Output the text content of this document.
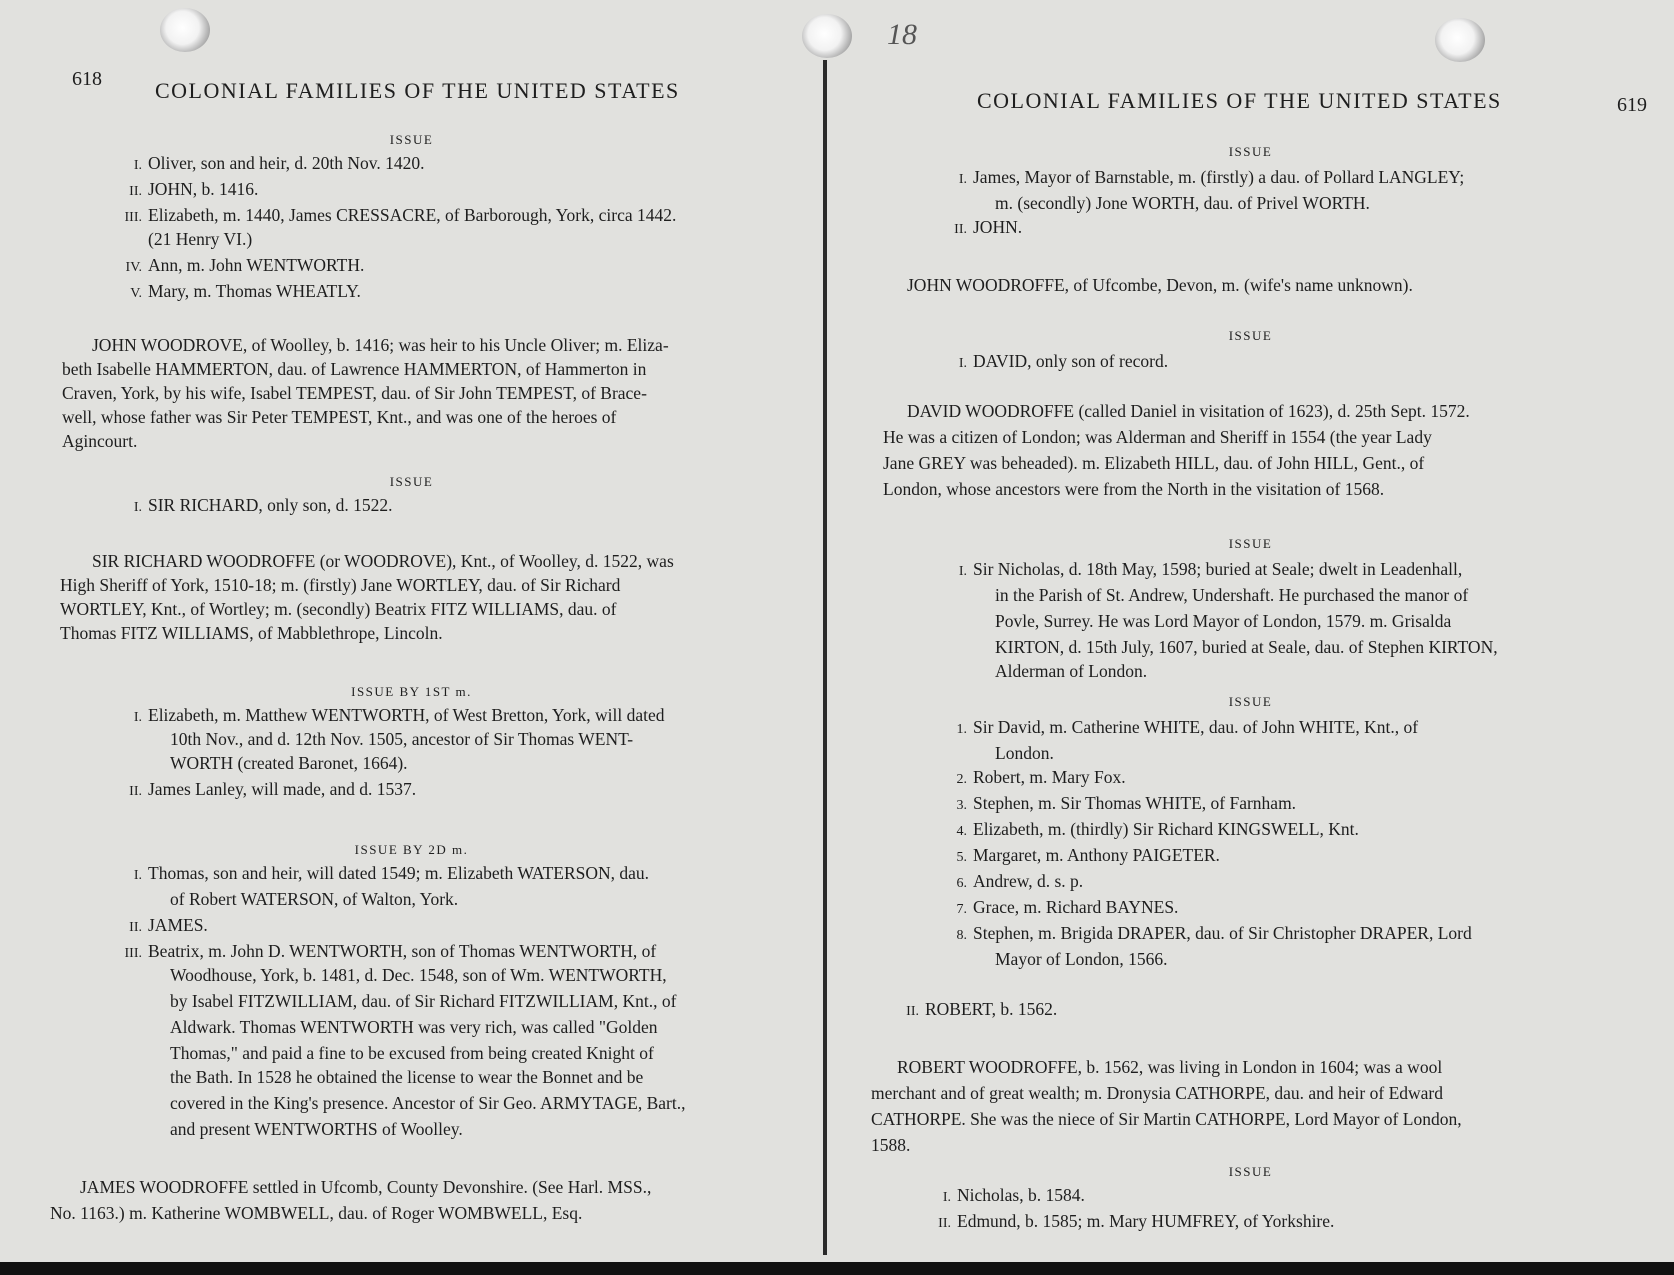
618 COLONIAL FAMILIES OF THE UNITED STATES
ISSUE
I. Oliver, son and heir, d. 20th Nov. 1420.
II. JOHN, b. 1416.
III. Elizabeth, m. 1440, James CRESSACRE, of Barborough, York, circa 1442.
(21 Henry VI.)
IV. Ann, m. John WENTWORTH.
V. Mary, m. Thomas WHEATLY.
JOHN WOODROVE, of Woolley, b. 1416; was heir to his Uncle Oliver; m. Eliza-
beth Isabelle HAMMERTON, dau. of Lawrence HAMMERTON, of Hammerton in
Craven, York, by his wife, Isabel TEMPEST, dau. of Sir John TEMPEST, of Brace-
well, whose father was Sir Peter TEMPEST, Knt., and was one of the heroes of
Agincourt.
ISSUE
I. SIR RICHARD, only son, d. 1522.
SIR RICHARD WOODROFFE (or WOODROVE), Knt., of Woolley, d. 1522, was
High Sheriff of York, 1510-18; m. (firstly) Jane WORTLEY, dau. of Sir Richard
WORTLEY, Knt., of Wortley; m. (secondly) Beatrix FITZ WILLIAMS, dau. of
Thomas FITZ WILLIAMS, of Mabblethrope, Lincoln.
ISSUE BY 1ST m.
I. Elizabeth, m. Matthew WENTWORTH, of West Bretton, York, will dated
10th Nov., and d. 12th Nov. 1505, ancestor of Sir Thomas WENT-
WORTH (created Baronet, 1664).
II. James Lanley, will made, and d. 1537.
ISSUE BY 2D m.
I. Thomas, son and heir, will dated 1549; m. Elizabeth WATERSON, dau.
of Robert WATERSON, of Walton, York.
II. JAMES.
III. Beatrix, m. John D. WENTWORTH, son of Thomas WENTWORTH, of
Woodhouse, York, b. 1481, d. Dec. 1548, son of Wm. WENTWORTH,
by Isabel FITZWILLIAM, dau. of Sir Richard FITZWILLIAM, Knt., of
Aldwark. Thomas WENTWORTH was very rich, was called "Golden
Thomas," and paid a fine to be excused from being created Knight of
the Bath. In 1528 he obtained the license to wear the Bonnet and be
covered in the King's presence. Ancestor of Sir Geo. ARMYTAGE, Bart.,
and present WENTWORTHS of Woolley.
JAMES WOODROFFE settled in Ufcomb, County Devonshire. (See Harl. MSS.,
No. 1163.) m. Katherine WOMBWELL, dau. of Roger WOMBWELL, Esq.
18
COLONIAL FAMILIES OF THE UNITED STATES	619
ISSUE
I. James, Mayor of Barnstable, m. (firstly) a dau. of Pollard LANGLEY;
m. (secondly) Jone WORTH, dau. of Privel WORTH.
II. JOHN.
JOHN WOODROFFE, of Ufcombe, Devon, m. (wife's name unknown).
ISSUE
I. DAVID, only son of record.
DAVID WOODROFFE (called Daniel in visitation of 1623), d. 25th Sept. 1572.
He was a citizen of London; was Alderman and Sheriff in 1554 (the year Lady
Jane GREY was beheaded). m. Elizabeth HILL, dau. of John HILL, Gent., of
London, whose ancestors were from the North in the visitation of 1568.
ISSUE
I. Sir Nicholas, d. 18th May, 1598; buried at Seale; dwelt in Leadenhall,
in the Parish of St. Andrew, Undershaft. He purchased the manor of
Povle, Surrey. He was Lord Mayor of London, 1579. m. Grisalda
KIRTON, d. 15th July, 1607, buried at Seale, dau. of Stephen KIRTON,
Alderman of London.
ISSUE
1. Sir David, m. Catherine WHITE, dau. of John WHITE, Knt., of
London.
2. Robert, m. Mary Fox.
3. Stephen, m. Sir Thomas WHITE, of Farnham.
4. Elizabeth, m. (thirdly) Sir Richard KINGSWELL, Knt.
5. Margaret, m. Anthony PAIGETER.
6. Andrew, d. s. p.
7. Grace, m. Richard BAYNES.
8. Stephen, m. Brigida DRAPER, dau. of Sir Christopher DRAPER, Lord
Mayor of London, 1566.
II. ROBERT, b. 1562.
ROBERT WOODROFFE, b. 1562, was living in London in 1604; was a wool
merchant and of great wealth; m. Dronysia CATHORPE, dau. and heir of Edward
CATHORPE. She was the niece of Sir Martin CATHORPE, Lord Mayor of London,
1588.
ISSUE
I. Nicholas, b. 1584.
II. Edmund, b. 1585; m. Mary HUMFREY, of Yorkshire.
